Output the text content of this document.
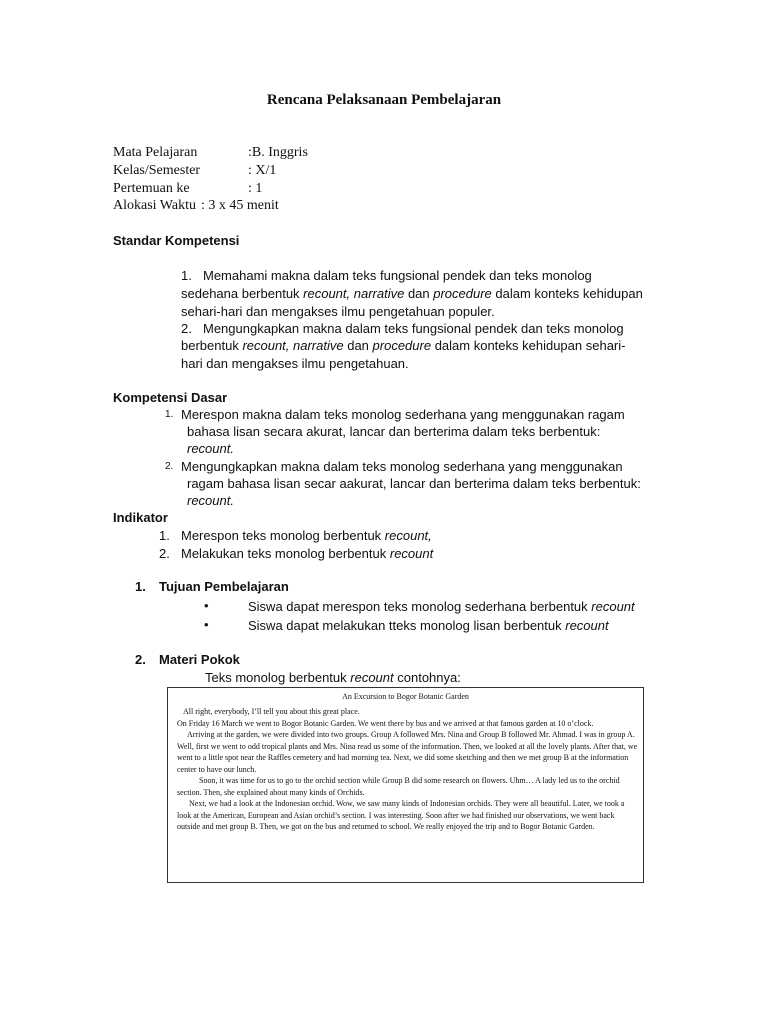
Rencana Pelaksanaan Pembelajaran
Mata Pelajaran	:B. Inggris
Kelas/Semester	: X/1
Pertemuan ke	: 1
Alokasi Waktu : 3 x 45 menit
Standar Kompetensi
1. Memahami makna dalam teks fungsional pendek dan teks monolog
sedehana berbentuk recount, narrative dan procedure dalam konteks kehidupan
sehari-hari dan mengakses ilmu pengetahuan populer.
2. Mengungkapkan makna dalam teks fungsional pendek dan teks monolog
berbentuk recount, narrative dan procedure dalam konteks kehidupan sehari-
hari dan mengakses ilmu pengetahuan.
Kompetensi Dasar
1. Merespon makna dalam teks monolog sederhana yang menggunakan ragam
bahasa lisan secara akurat, lancar dan berterima dalam teks berbentuk:
recount.
2. Mengungkapkan makna dalam teks monolog sederhana yang menggunakan
ragam bahasa lisan secar aakurat, lancar dan berterima dalam teks berbentuk:
recount.
Indikator
1. Merespon teks monolog berbentuk recount,
2. Melakukan teks monolog berbentuk recount
1. Tujuan Pembelajaran
•	Siswa dapat merespon teks monolog sederhana berbentuk recount
•	Siswa dapat melakukan tteks monolog lisan berbentuk recount
2. Materi Pokok
Teks monolog berbentuk recount contohnya:
An Excursion to Bogor Botanic Garden

All right, everybody, I’ll tell you about this great place.

On Friday 16 March we went to Bogor Botanic Garden. We went there by bus and we arrived at that famous garden at 10 o’clock.

Arriving at the garden, we were divided into two groups. Group A followed Mrs. Nina and Group B followed Mr. Ahmad. I was in group A. Well, first we went to odd tropical plants and Mrs. Nina read us some of the information. Then, we looked at all the lovely plants. After that, we went to a little spot near the Raffles cemetery and had morning tea. Next, we did some sketching and then we met group B at the information center to have our lunch.

Soon, it was time for us to go to the orchid section while Group B did some research on flowers. Uhm… A lady led us to the orchid section. Then, she explained about many kinds of Orchids.

Next, we had a look at the Indonesian orchid. Wow, we saw many kinds of Indonesian orchids. They were all beautiful. Later, we took a look at the American, European and Asian orchid’s section. I was interesting. Soon after we had finished our observations, we went back outside and met group B. Then, we got on the bus and returned to school. We really enjoyed the trip and to Bogor Botanic Garden.
